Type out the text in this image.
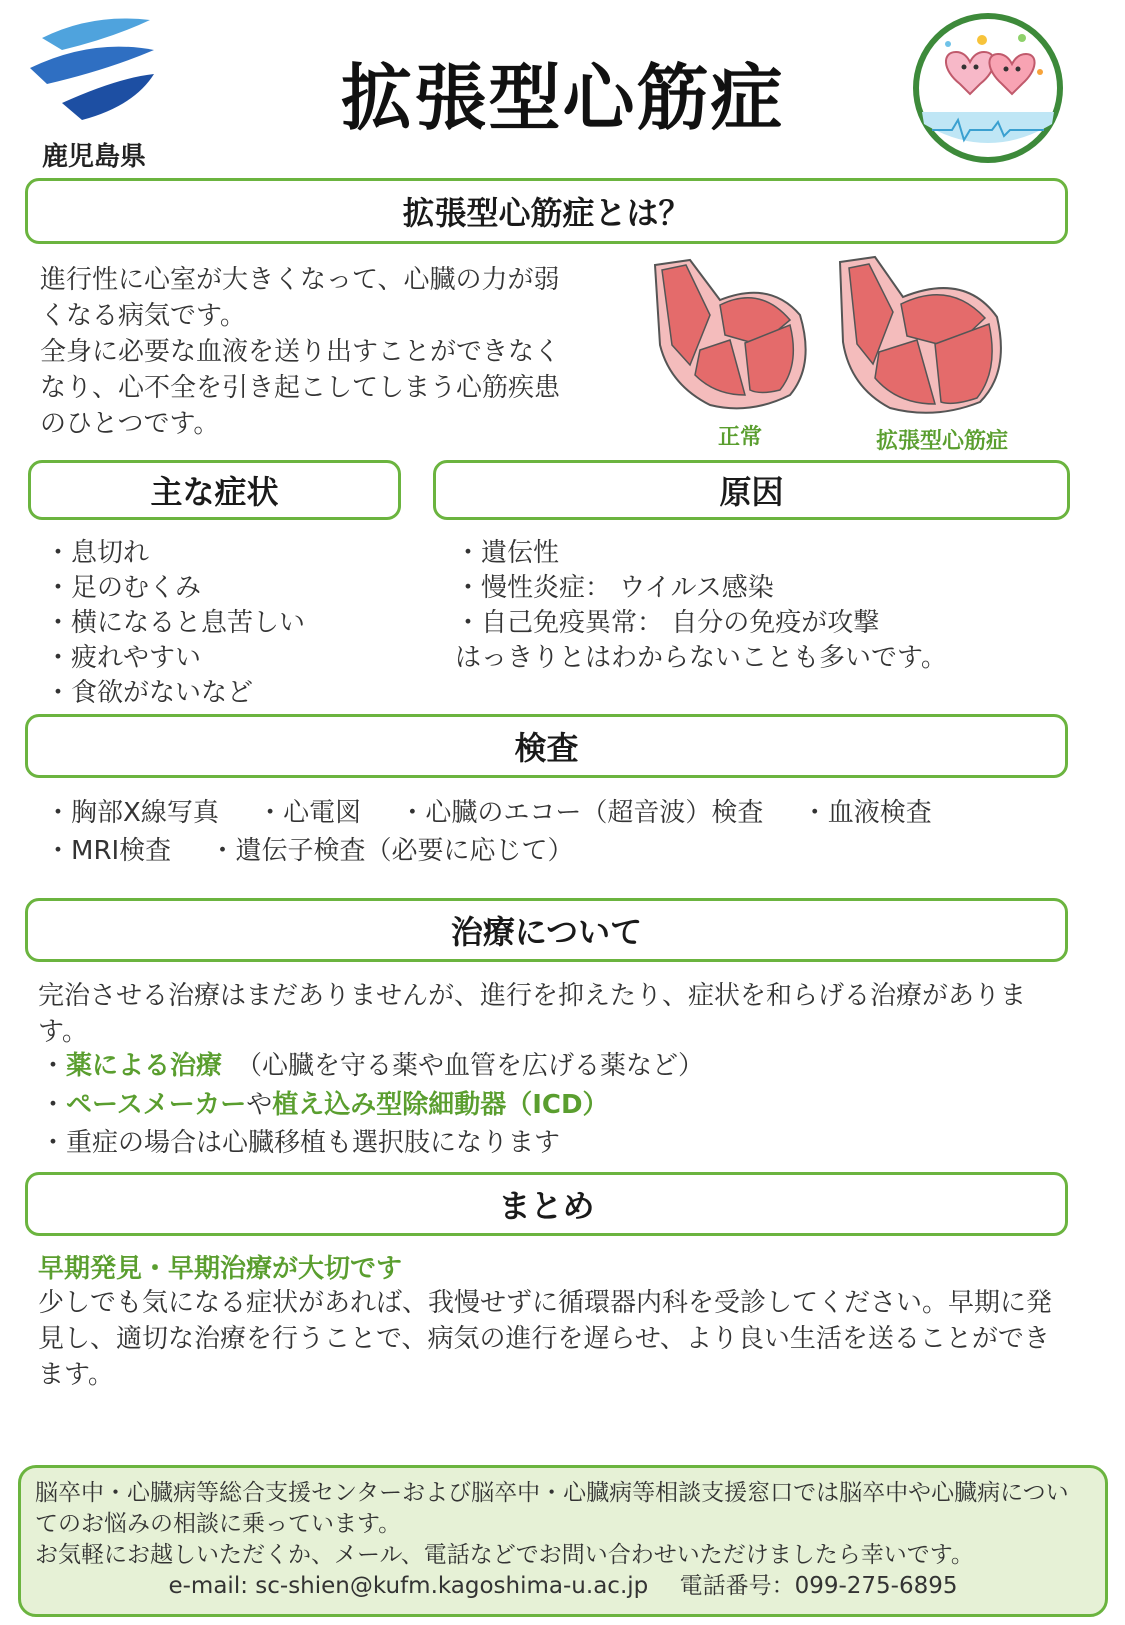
鹿児島県
拡張型心筋症
拡張型心筋症とは？
進行性に心室が大きくなって、心臓の力が弱くなる病気です。
全身に必要な血液を送り出すことができなくなり、心不全を引き起こしてしまう心筋疾患のひとつです。	正常	拡張型心筋症
主な症状
・ 息切れ
・ 足のむくみ
・ 横になると息苦しい
・ 疲れやすい
・ 食欲がないなど
原因
・ 遺伝性
・ 慢性炎症： ウイルス感染
・ 自己免疫異常： 自分の免疫が攻撃
はっきりとはわからないことも多いです。
検査
・胸部X線写真 ・心電図 ・心臓のエコー（超音波）検査 ・血液検査
・MRI検査 ・遺伝子検査（必要に応じて）
治療について
完治させる治療はまだありませんが、進行を抑えたり、症状を和らげる治療があります。
・薬による治療 （心臓を守る薬や血管を広げる薬など）
・ペースメーカーや植え込み型除細動器（ICD）
・重症の場合は心臓移植も選択肢になります
まとめ
早期発見・早期治療が大切です
少しでも気になる症状があれば、我慢せずに循環器内科を受診してください。早期に発見し、適切な治療を行うことで、病気の進行を遅らせ、より良い生活を送ることができます。
脳卒中・心臓病等総合支援センターおよび脳卒中・心臓病等相談支援窓口では脳卒中や心臓病についてのお悩みの相談に乗っています。
お気軽にお越しいただくか、メール、電話などでお問い合わせいただけましたら幸いです。
e-mail: sc-shien@kufm.kagoshima-u.ac.jp 電話番号：099-275-6895
